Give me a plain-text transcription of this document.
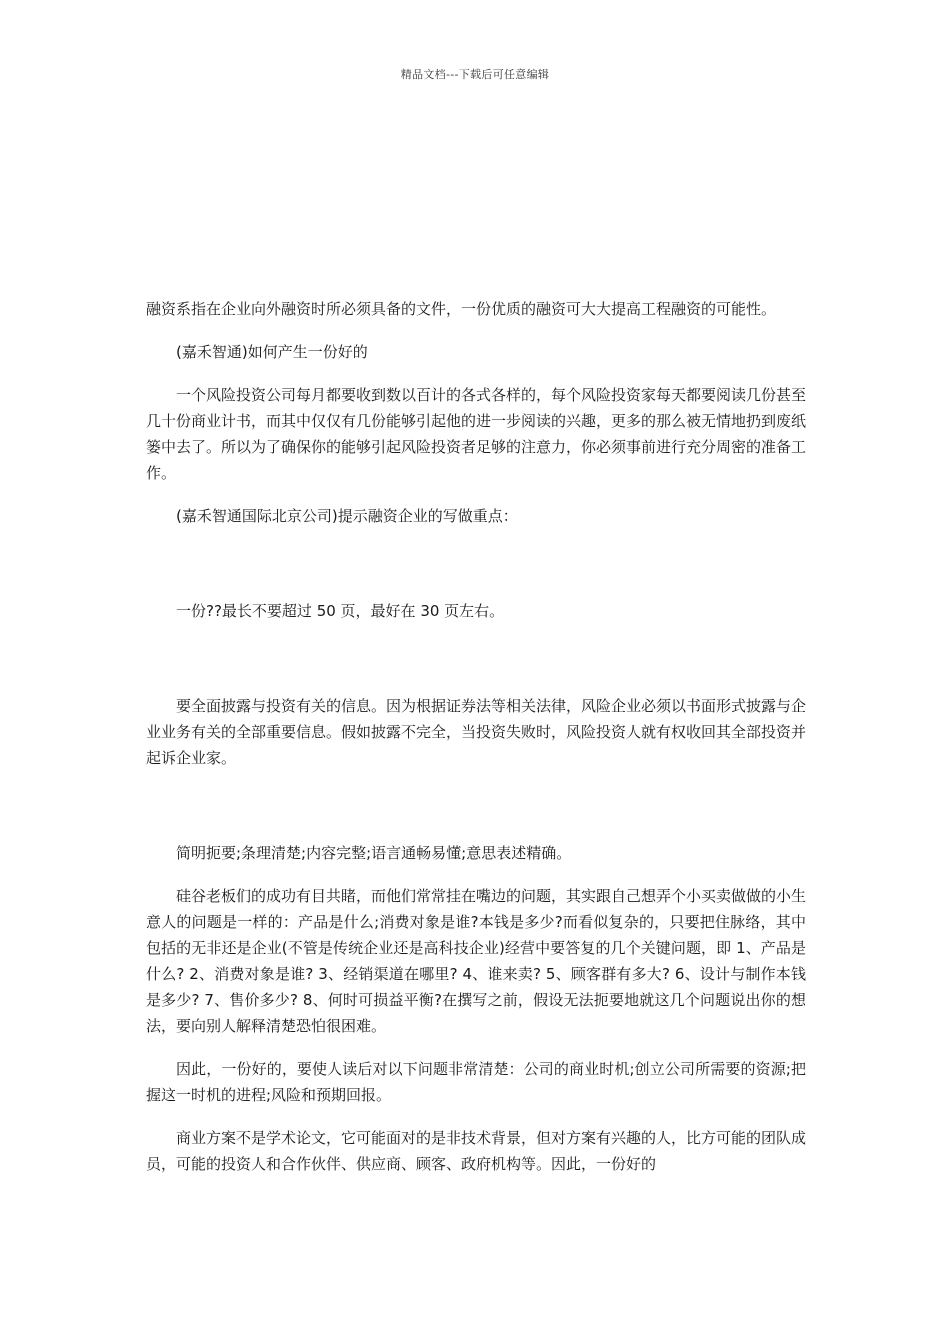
精品文档---下载后可任意编辑

融资系指在企业向外融资时所必须具备的文件，一份优质的融资可大大提高工程融资的可能性。

(嘉禾智通)如何产生一份好的

一个风险投资公司每月都要收到数以百计的各式各样的，每个风险投资家每天都要阅读几份甚至几十份商业计书，而其中仅仅有几份能够引起他的进一步阅读的兴趣，更多的那么被无情地扔到废纸篓中去了。所以为了确保你的能够引起风险投资者足够的注意力，你必须事前进行充分周密的准备工作。

(嘉禾智通国际北京公司)提示融资企业的写做重点：

一份??最长不要超过 50 页，最好在 30 页左右。

要全面披露与投资有关的信息。因为根据证券法等相关法律，风险企业必须以书面形式披露与企业业务有关的全部重要信息。假如披露不完全，当投资失败时，风险投资人就有权收回其全部投资并起诉企业家。

简明扼要;条理清楚;内容完整;语言通畅易懂;意思表述精确。

硅谷老板们的成功有目共睹，而他们常常挂在嘴边的问题，其实跟自己想弄个小买卖做做的小生意人的问题是一样的：产品是什么;消费对象是谁?本钱是多少?而看似复杂的，只要把住脉络，其中包括的无非还是企业(不管是传统企业还是高科技企业)经营中要答复的几个关键问题，即 1、产品是什么? 2、消费对象是谁? 3、经销渠道在哪里? 4、谁来卖? 5、顾客群有多大? 6、设计与制作本钱是多少? 7、售价多少? 8、何时可损益平衡?在撰写之前，假设无法扼要地就这几个问题说出你的想法，要向别人解释清楚恐怕很困难。

因此，一份好的，要使人读后对以下问题非常清楚：公司的商业时机;创立公司所需要的资源;把握这一时机的进程;风险和预期回报。

商业方案不是学术论文，它可能面对的是非技术背景，但对方案有兴趣的人，比方可能的团队成员，可能的投资人和合作伙伴、供应商、顾客、政府机构等。因此，一份好的
